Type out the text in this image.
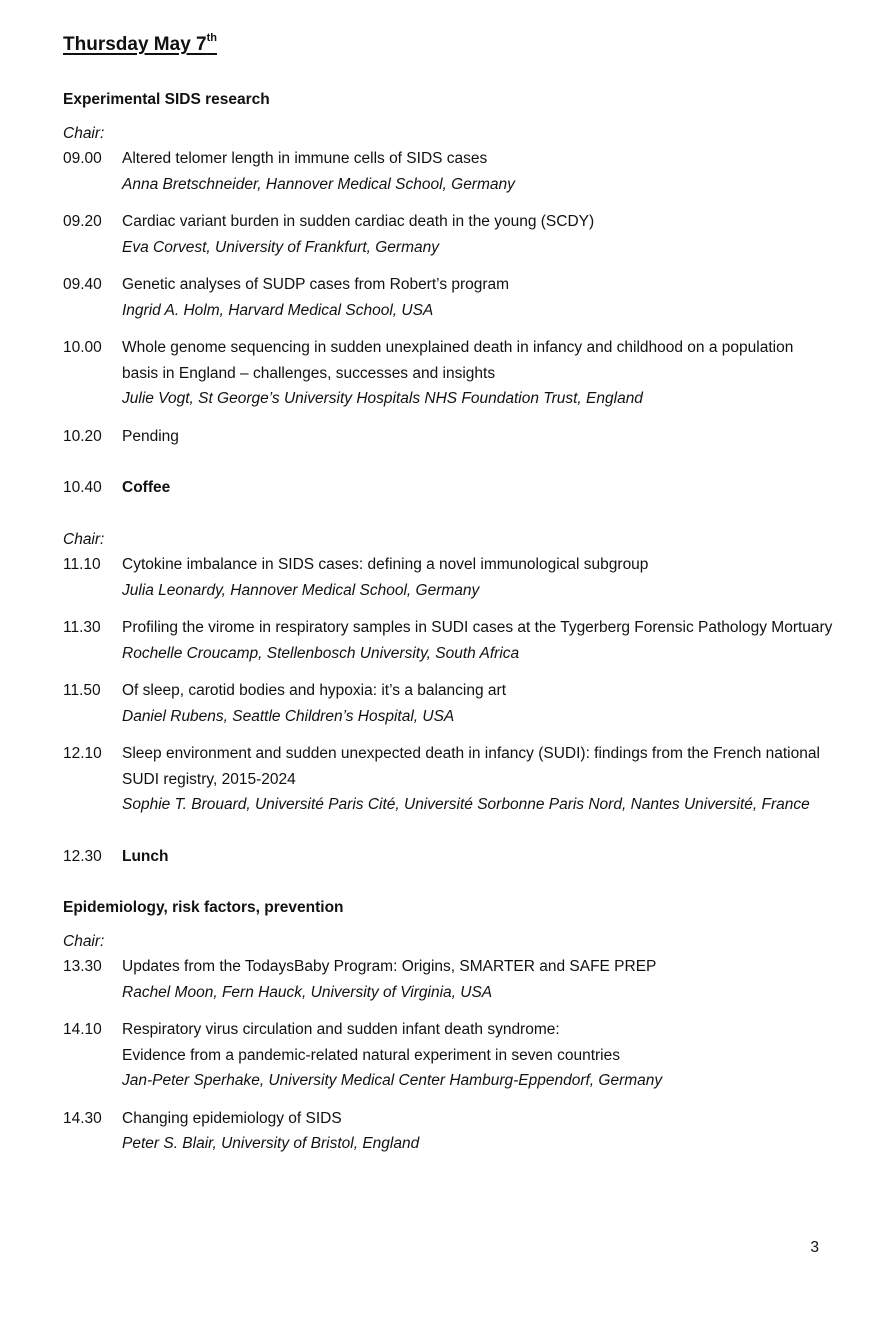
Thursday May 7th
Experimental SIDS research
Chair:
09.00	Altered telomer length in immune cells of SIDS cases
Anna Bretschneider, Hannover Medical School, Germany
09.20	Cardiac variant burden in sudden cardiac death in the young (SCDY)
Eva Corvest, University of Frankfurt, Germany
09.40	Genetic analyses of SUDP cases from Robert’s program
Ingrid A. Holm, Harvard Medical School, USA
10.00	Whole genome sequencing in sudden unexplained death in infancy and childhood on a population basis in England – challenges, successes and insights
Julie Vogt, St George’s University Hospitals NHS Foundation Trust, England
10.20	Pending
10.40	Coffee
Chair:
11.10	Cytokine imbalance in SIDS cases: defining a novel immunological subgroup
Julia Leonardy, Hannover Medical School, Germany
11.30	Profiling the virome in respiratory samples in SUDI cases at the Tygerberg Forensic Pathology Mortuary
Rochelle Croucamp, Stellenbosch University, South Africa
11.50	Of sleep, carotid bodies and hypoxia: it’s a balancing art
Daniel Rubens, Seattle Children’s Hospital, USA
12.10	Sleep environment and sudden unexpected death in infancy (SUDI): findings from the French national SUDI registry, 2015-2024
Sophie T. Brouard, Université Paris Cité, Université Sorbonne Paris Nord, Nantes Université, France
12.30	Lunch
Epidemiology, risk factors, prevention
Chair:
13.30	Updates from the TodaysBaby Program: Origins, SMARTER and SAFE PREP
Rachel Moon, Fern Hauck, University of Virginia, USA
14.10	Respiratory virus circulation and sudden infant death syndrome:
Evidence from a pandemic-related natural experiment in seven countries
Jan-Peter Sperhake, University Medical Center Hamburg-Eppendorf, Germany
14.30	Changing epidemiology of SIDS
Peter S. Blair, University of Bristol, England
3
